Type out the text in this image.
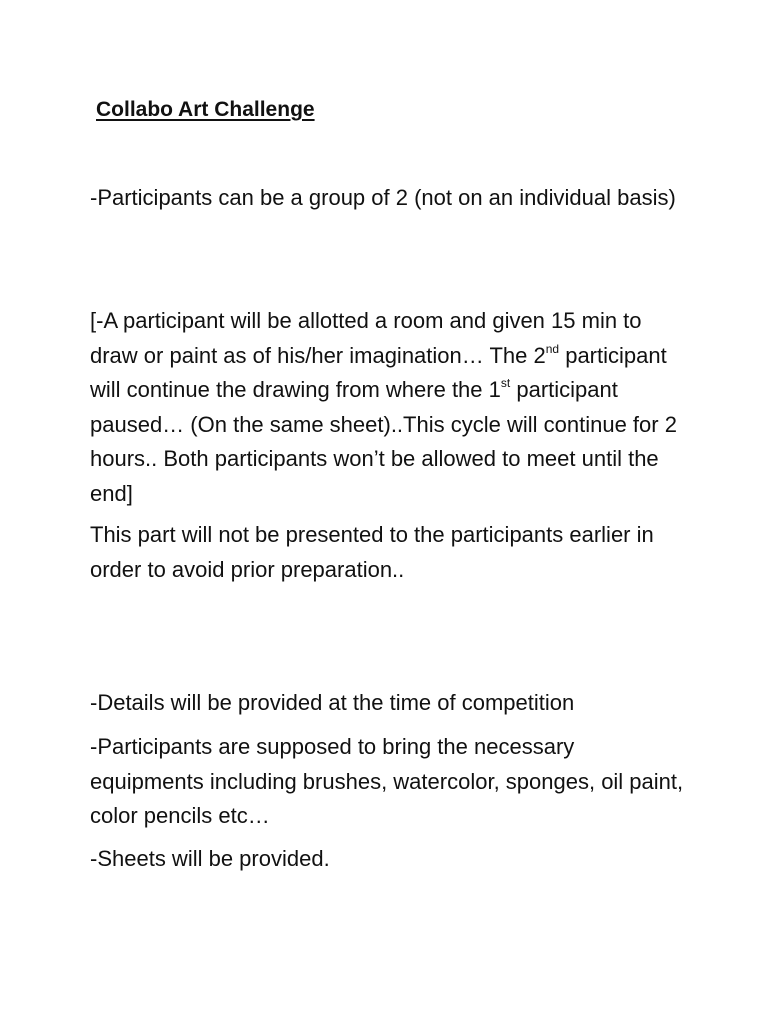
Collabo Art Challenge

-Participants can be a group of 2 (not on an individual basis)

[-A participant will be allotted a room and given 15 min to draw or paint as of his/her imagination… The 2nd participant will continue the drawing from where the 1st participant paused… (On the same sheet)..This cycle will continue for 2 hours.. Both participants won’t be allowed to meet until the end]

This part will not be presented to the participants earlier in order to avoid prior preparation..

-Details will be provided at the time of competition

-Participants are supposed to bring the necessary equipments including brushes, watercolor, sponges, oil paint, color pencils etc…

-Sheets will be provided.
